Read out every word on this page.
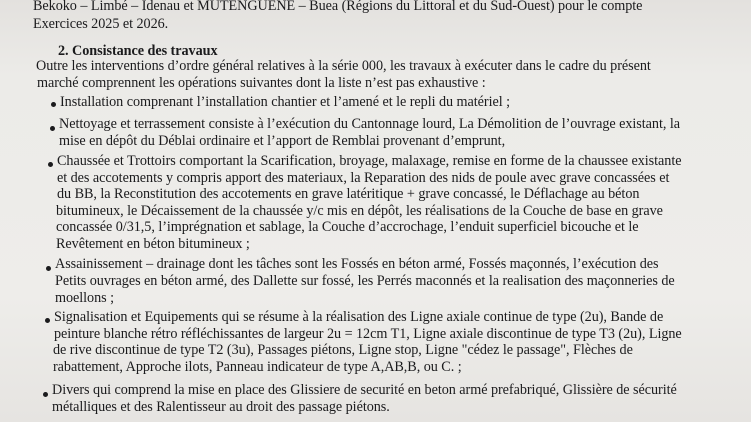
Bekoko – Limbé – Idenau et MUTENGUENE – Buea (Régions du Littoral et du Sud-Ouest) pour le compte
Exercices 2025 et 2026.
2. Consistance des travaux
Outre les interventions d’ordre général relatives à la série 000, les travaux à exécuter dans le cadre du présent
marché comprennent les opérations suivantes dont la liste n’est pas exhaustive :
Installation comprenant l’installation chantier et l’amené et le repli du matériel ;
Nettoyage et terrassement consiste à l’exécution du Cantonnage lourd, La Démolition de l’ouvrage existant, la
mise en dépôt du Déblai ordinaire et l’apport de Remblai provenant d’emprunt,
Chaussée et Trottoirs comportant la Scarification, broyage, malaxage, remise en forme de la chaussee existante
et des accotements y compris apport des materiaux, la Reparation des nids de poule avec grave concassées et
du BB, la Reconstitution des accotements en grave latéritique + grave concassé, le Déflachage au béton
bitumineux, le Décaissement de la chaussée y/c mis en dépôt, les réalisations de la Couche de base en grave
concassée 0/31,5, l’imprégnation et sablage, la Couche d’accrochage, l’enduit superficiel bicouche et le
Revêtement en béton bitumineux ;
Assainissement – drainage dont les tâches sont les Fossés en béton armé, Fossés maçonnés, l’exécution des
Petits ouvrages en béton armé, des Dallette sur fossé, les Perrés maconnés et la realisation des maçonneries de
moellons ;
Signalisation et Equipements qui se résume à la réalisation des Ligne axiale continue de type (2u), Bande de
peinture blanche rétro réfléchissantes de largeur 2u = 12cm T1, Ligne axiale discontinue de type T3 (2u), Ligne
de rive discontinue de type T2 (3u), Passages piétons, Ligne stop, Ligne "cédez le passage", Flèches de
rabattement, Approche ilots, Panneau indicateur de type A,AB,B, ou C. ;
Divers qui comprend la mise en place des Glissiere de securité en beton armé prefabriqué, Glissière de sécurité
métalliques et des Ralentisseur au droit des passage piétons.
